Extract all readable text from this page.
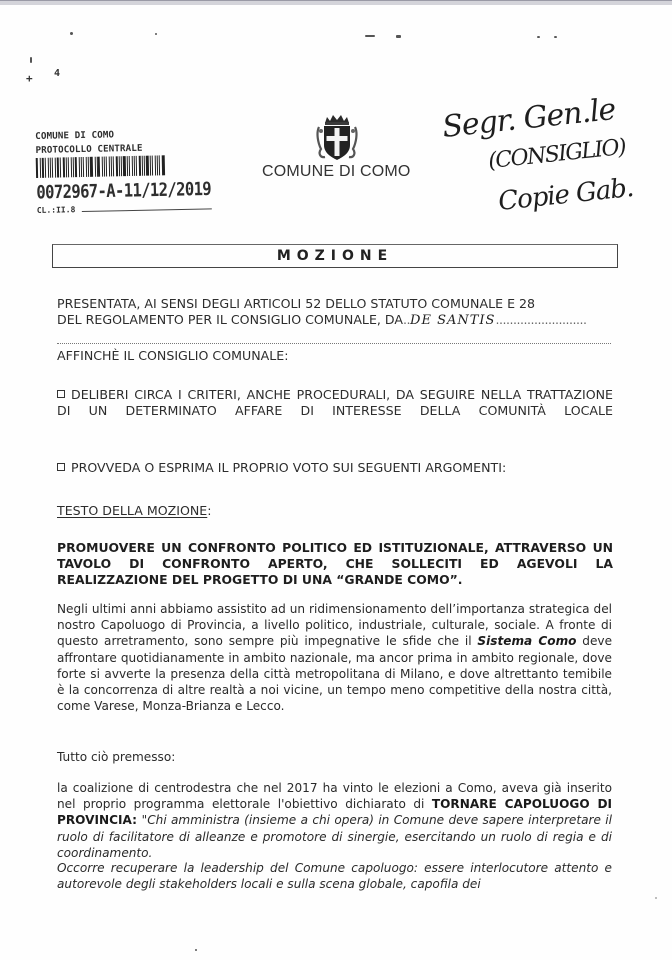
+ 4
COMUNE DI COMO
PROTOCOLLO CENTRALE
0072967-A-11/12/2019
CL.:II.8
COMUNE DI COMO
Segr. Gen.le
(CONSIGLIO)
Copie Gab.
MOZIONE
PRESENTATA, AI SENSI DEGLI ARTICOLI 52 DELLO STATUTO COMUNALE E 28
DEL REGOLAMENTO PER IL CONSIGLIO COMUNALE, DA..DE SANTIS..........................
AFFINCHÈ IL CONSIGLIO COMUNALE:
DELIBERI CIRCA I CRITERI, ANCHE PROCEDURALI, DA SEGUIRE NELLA TRATTAZIONE DI UN DETERMINATO AFFARE DI INTERESSE DELLA COMUNITÀ LOCALE
PROVVEDA O ESPRIMA IL PROPRIO VOTO SUI SEGUENTI ARGOMENTI:
TESTO DELLA MOZIONE:
PROMUOVERE UN CONFRONTO POLITICO ED ISTITUZIONALE, ATTRAVERSO UN TAVOLO DI CONFRONTO APERTO, CHE SOLLECITI ED AGEVOLI LA REALIZZAZIONE DEL PROGETTO DI UNA “GRANDE COMO”.
Negli ultimi anni abbiamo assistito ad un ridimensionamento dell’importanza strategica del nostro Capoluogo di Provincia, a livello politico, industriale, culturale, sociale. A fronte di questo arretramento, sono sempre più impegnative le sfide che il Sistema Como deve affrontare quotidianamente in ambito nazionale, ma ancor prima in ambito regionale, dove forte si avverte la presenza della città metropolitana di Milano, e dove altrettanto temibile è la concorrenza di altre realtà a noi vicine, un tempo meno competitive della nostra città, come Varese, Monza-Brianza e Lecco.
Tutto ciò premesso:
la coalizione di centrodestra che nel 2017 ha vinto le elezioni a Como, aveva già inserito nel proprio programma elettorale l'obiettivo dichiarato di TORNARE CAPOLUOGO DI PROVINCIA: "Chi amministra (insieme a chi opera) in Comune deve sapere interpretare il ruolo di facilitatore di alleanze e promotore di sinergie, esercitando un ruolo di regia e di coordinamento.
Occorre recuperare la leadership del Comune capoluogo: essere interlocutore attento e autorevole degli stakeholders locali e sulla scena globale, capofila dei
